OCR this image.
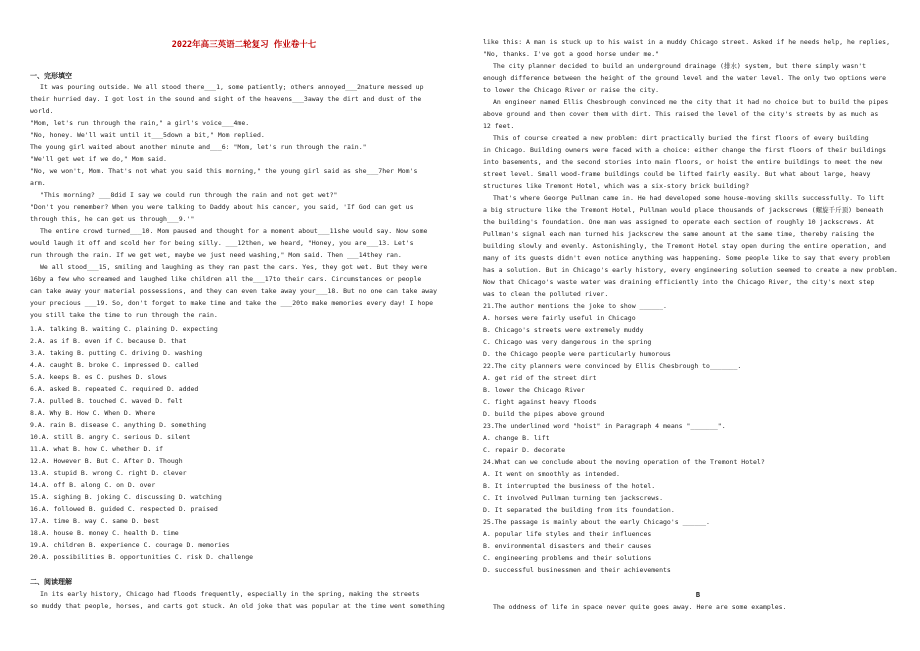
2022年高三英语二轮复习 作业卷十七
一、完形填空
It was pouring outside. We all stood there___1, some patiently; others annoyed___2nature messed up
their hurried day. I got lost in the sound and sight of the heavens___3away the dirt and dust of the
world.
"Mom, let's run through the rain," a girl's voice___4me.
"No, honey. We'll wait until it___5down a bit," Mom replied.
The young girl waited about another minute and___6: "Mom, let's run through the rain."
"We'll get wet if we do," Mom said.
"No, we won't, Mom. That's not what you said this morning," the young girl said as she___7her Mom's
arm.
"This morning? ___8did I say we could run through the rain and not get wet?"
"Don't you remember? When you were talking to Daddy about his cancer, you said, 'If God can get us
through this, he can get us through___9.'"
The entire crowd turned___10. Mom paused and thought for a moment about___11she would say. Now some
would laugh it off and scold her for being silly. ___12then, we heard, "Honey, you are___13. Let's
run through the rain. If we get wet, maybe we just need washing," Mom said. Then ___14they ran.
We all stood___15, smiling and laughing as they ran past the cars. Yes, they got wet. But they were
16by a few who screamed and laughed like children all the___17to their cars. Circumstances or people
can take away your material possessions, and they can even take away your___18. But no one can take away
your precious ___19. So, don't forget to make time and take the ___20to make memories every day! I hope
you still take the time to run through the rain.
1.A. talking B. waiting C. plaining D. expecting
2.A. as if B. even if C. because D. that
3.A. taking B. putting C. driving D. washing
4.A. caught B. broke C. impressed D. called
5.A. keeps B. es C. pushes D. slows
6.A. asked B. repeated C. required D. added
7.A. pulled B. touched C. waved D. felt
8.A. Why B. How C. When D. Where
9.A. rain B. disease C. anything D. something
10.A. still B. angry C. serious D. silent
11.A. what B. how C. whether D. if
12.A. However B. But C. After D. Though
13.A. stupid B. wrong C. right D. clever
14.A. off B. along C. on D. over
15.A. sighing B. joking C. discussing D. watching
16.A. followed B. guided C. respected D. praised
17.A. time B. way C. same D. best
18.A. house B. money C. health D. time
19.A. children B. experience C. courage D. memories
20.A. possibilities B. opportunities C. risk D. challenge
二、阅读理解
In its early history, Chicago had floods frequently, especially in the spring, making the streets
so muddy that people, horses, and carts got stuck. An old joke that was popular at the time went something
like this: A man is stuck up to his waist in a muddy Chicago street. Asked if he needs help, he replies,
"No, thanks. I've got a good horse under me."
The city planner decided to build an underground drainage (排水) system, but there simply wasn't
enough difference between the height of the ground level and the water level. The only two options were
to lower the Chicago River or raise the city.
An engineer named Ellis Chesbrough convinced me the city that it had no choice but to build the pipes
above ground and then cover them with dirt. This raised the level of the city's streets by as much as
12 feet.
This of course created a new problem: dirt practically buried the first floors of every building
in Chicago. Building owners were faced with a choice: either change the first floors of their buildings
into basements, and the second stories into main floors, or hoist the entire buildings to meet the new
street level. Small wood-frame buildings could be lifted fairly easily. But what about large, heavy
structures like Tremont Hotel, which was a six-story brick building?
That's where George Pullman came in. He had developed some house-moving skills successfully. To lift
a big structure like the Tremont Hotel, Pullman would place thousands of jackscrews (螺旋千斤顶) beneath
the building's foundation. One man was assigned to operate each section of roughly 10 jackscrews. At
Pullman's signal each man turned his jackscrew the same amount at the same time, thereby raising the
building slowly and evenly. Astonishingly, the Tremont Hotel stay open during the entire operation, and
many of its guests didn't even notice anything was happening. Some people like to say that every problem
has a solution. But in Chicago's early history, every engineering solution seemed to create a new problem.
Now that Chicago's waste water was draining efficiently into the Chicago River, the city's next step
was to clean the polluted river.
21.The author mentions the joke to show ______.
A. horses were fairly useful in Chicago
B. Chicago's streets were extremely muddy
C. Chicago was very dangerous in the spring
D. the Chicago people were particularly humorous
22.The city planners were convinced by Ellis Chesbrough to_______.
A. get rid of the street dirt
B. lower the Chicago River
C. fight against heavy floods
D. build the pipes above ground
23.The underlined word "hoist" in Paragraph 4 means "_______".
A. change B. lift
C. repair D. decorate
24.What can we conclude about the moving operation of the Tremont Hotel?
A. It went on smoothly as intended.
B. It interrupted the business of the hotel.
C. It involved Pullman turning ten jackscrews.
D. It separated the building from its foundation.
25.The passage is mainly about the early Chicago's ______.
A. popular life styles and their influences
B. environmental disasters and their causes
C. engineering problems and their solutions
D. successful businessmen and their achievements
B
The oddness of life in space never quite goes away. Here are some examples.
